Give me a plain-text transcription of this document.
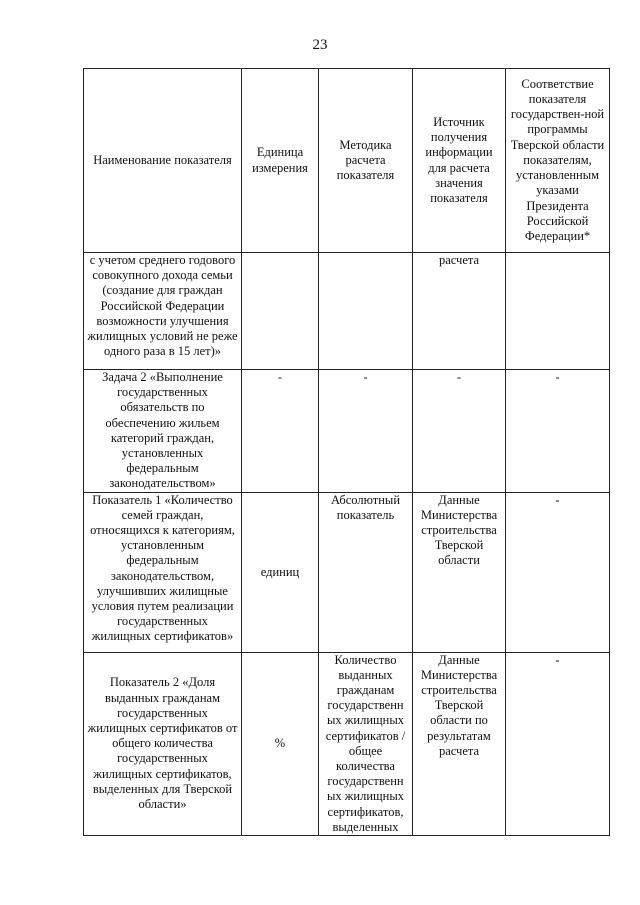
23
Наименование показателя	Единица измерения	Методика расчета показателя	Источник получения информации для расчета значения показателя	Соответствие показателя государствен-ной программы Тверской области показателям, установленным указами Президента Российской Федерации*
с учетом среднего годового совокупного дохода семьи (создание для граждан Российской Федерации возможности улучшения жилищных условий не реже одного раза в 15 лет)»			расчета	
Задача 2 «Выполнение государственных обязательств по обеспечению жильем категорий граждан, установленных федеральным законодательством»	-	-	-	-
Показатель 1 «Количество семей граждан, относящихся к категориям, установленным федеральным законодательством, улучшивших жилищные условия путем реализации государственных жилищных сертификатов»	единиц	Абсолютный показатель	Данные Министерства строительства Тверской области	-
Показатель 2 «Доля выданных гражданам государственных жилищных сертификатов от общего количества государственных жилищных сертификатов, выделенных для Тверской области»	%	Количество выданных гражданам государственн ых жилищных сертификатов / общее количества государственн ых жилищных сертификатов, выделенных	Данные Министерства строительства Тверской области по результатам расчета	-
